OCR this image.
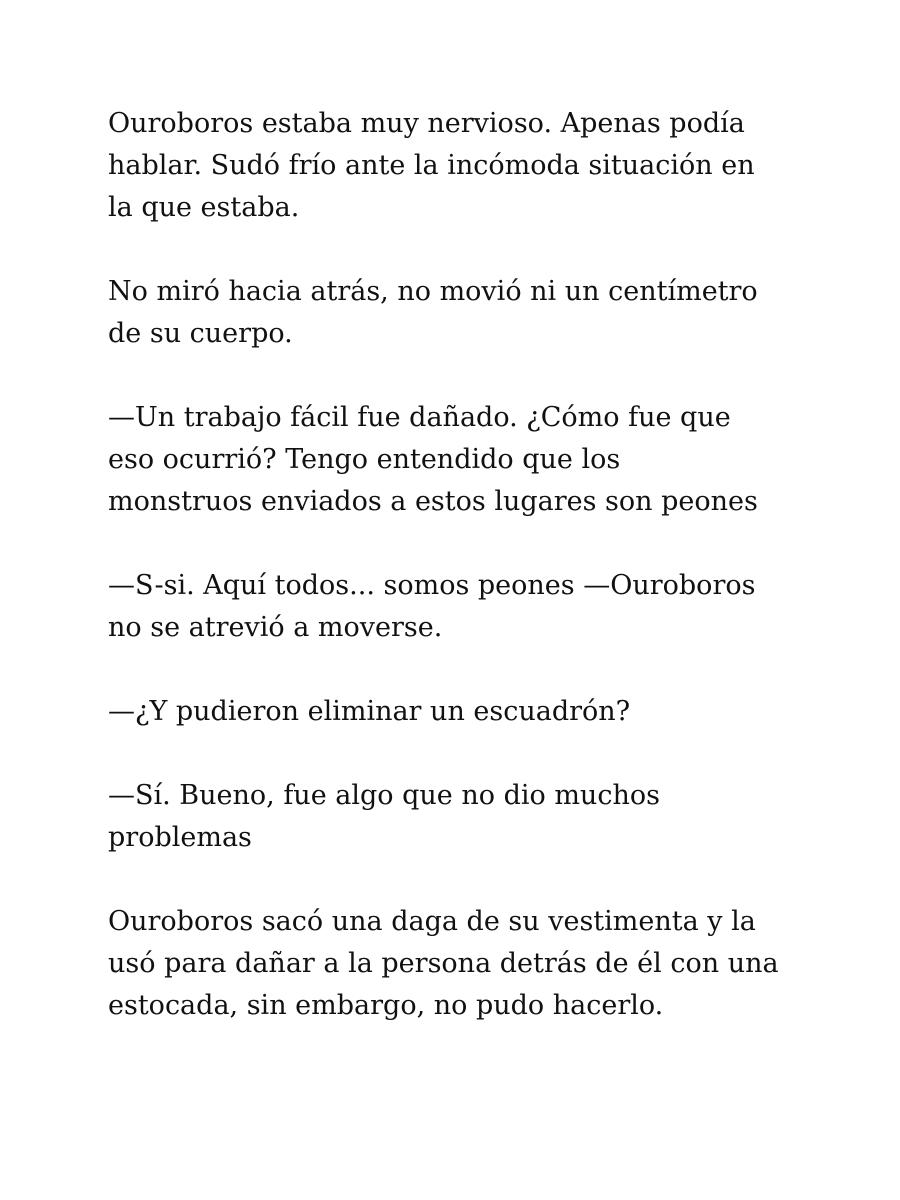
Ouroboros estaba muy nervioso. Apenas podía
hablar. Sudó frío ante la incómoda situación en
la que estaba.

No miró hacia atrás, no movió ni un centímetro
de su cuerpo.

—Un trabajo fácil fue dañado. ¿Cómo fue que
eso ocurrió? Tengo entendido que los
monstruos enviados a estos lugares son peones

—S-si. Aquí todos... somos peones —Ouroboros
no se atrevió a moverse.

—¿Y pudieron eliminar un escuadrón?

—Sí. Bueno, fue algo que no dio muchos
problemas

Ouroboros sacó una daga de su vestimenta y la
usó para dañar a la persona detrás de él con una
estocada, sin embargo, no pudo hacerlo.
